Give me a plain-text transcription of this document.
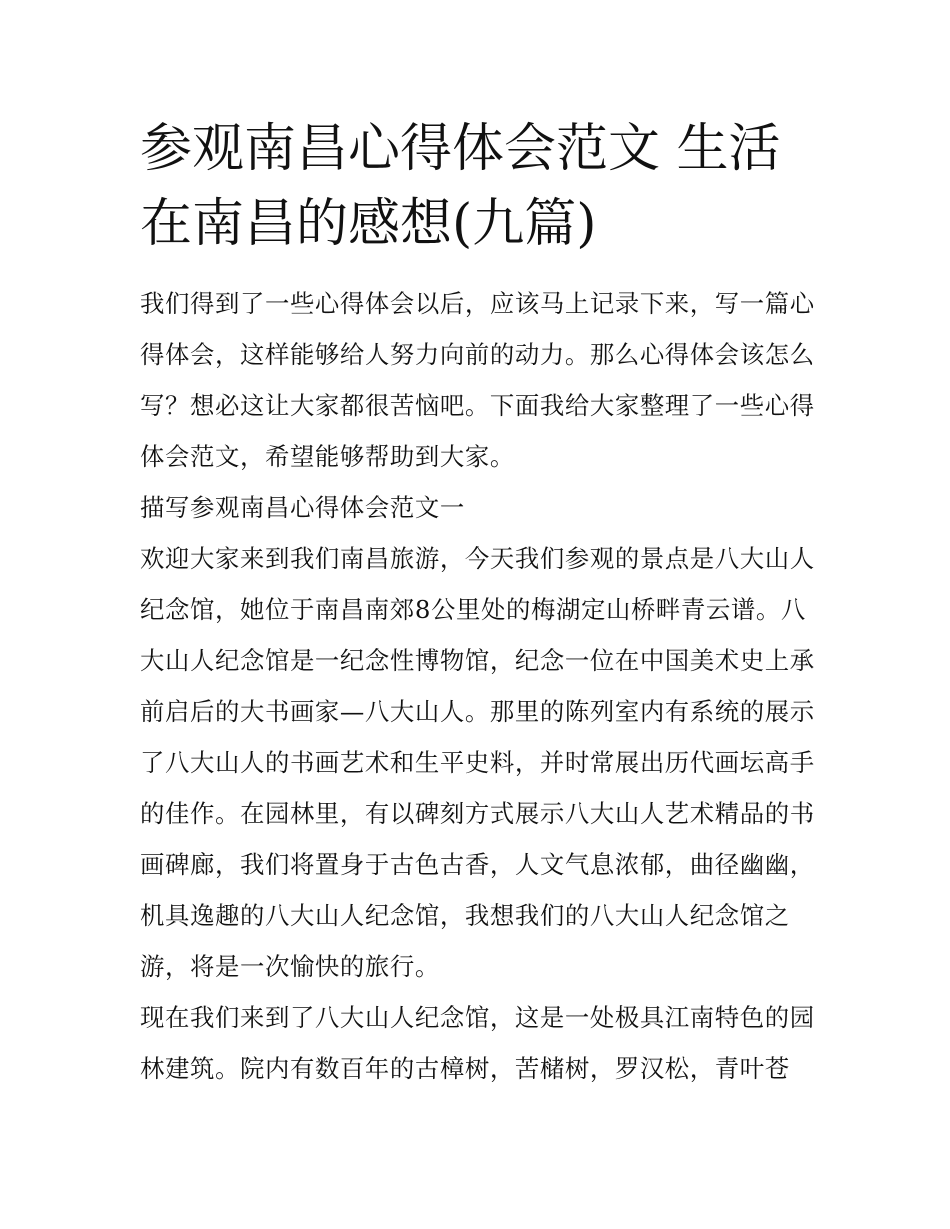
参观南昌心得体会范文 生活在南昌的感想(九篇)

我们得到了一些心得体会以后，应该马上记录下来，写一篇心得体会，这样能够给人努力向前的动力。那么心得体会该怎么写？想必这让大家都很苦恼吧。下面我给大家整理了一些心得体会范文，希望能够帮助到大家。

描写参观南昌心得体会范文一

欢迎大家来到我们南昌旅游，今天我们参观的景点是八大山人纪念馆，她位于南昌南郊8公里处的梅湖定山桥畔青云谱。八大山人纪念馆是一纪念性博物馆，纪念一位在中国美术史上承前启后的大书画家—八大山人。那里的陈列室内有系统的展示了八大山人的书画艺术和生平史料，并时常展出历代画坛高手的佳作。在园林里，有以碑刻方式展示八大山人艺术精品的书画碑廊，我们将置身于古色古香，人文气息浓郁，曲径幽幽，机具逸趣的八大山人纪念馆，我想我们的八大山人纪念馆之游，将是一次愉快的旅行。

现在我们来到了八大山人纪念馆，这是一处极具江南特色的园林建筑。院内有数百年的古樟树，苦槠树，罗汉松，青叶苍
